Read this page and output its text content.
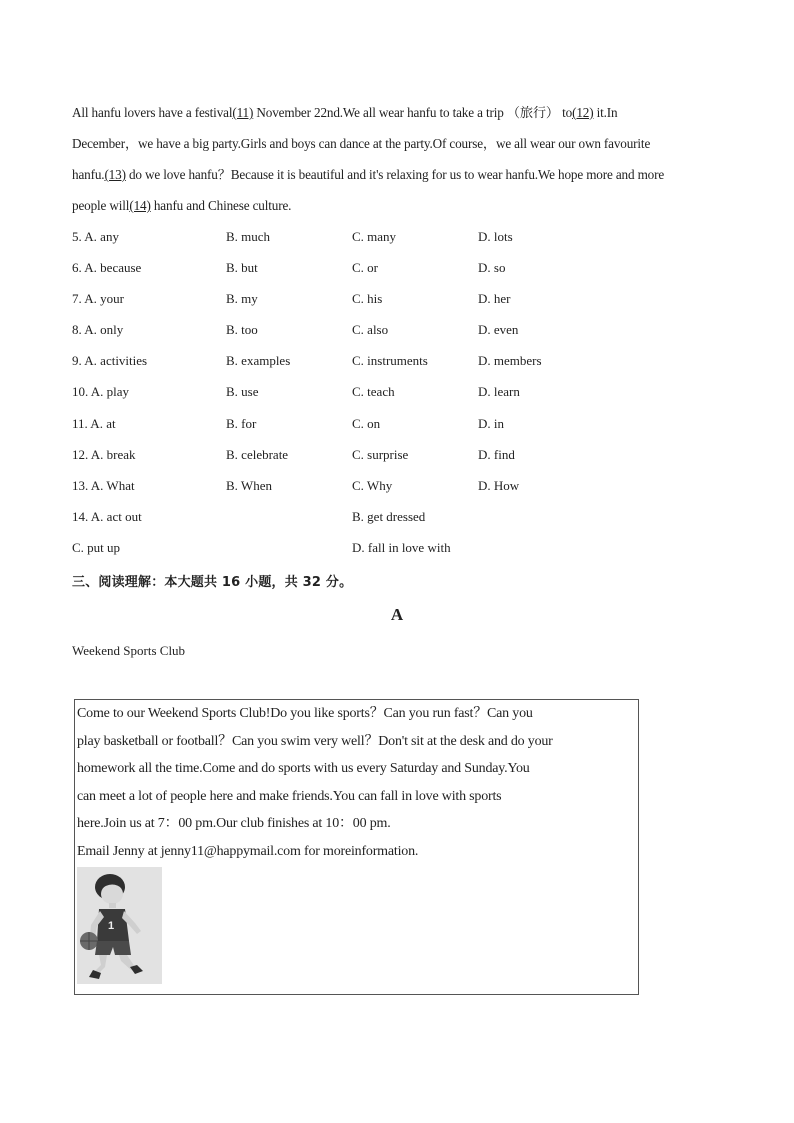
All hanfu lovers have a festival(11) November 22nd.We all wear hanfu to take a trip （旅行） to(12) it.In
December，we have a big party.Girls and boys can dance at the party.Of course，we all wear our own favourite
hanfu.(13) do we love hanfu？Because it is beautiful and it's relaxing for us to wear hanfu.We hope more and more
people will(14) hanfu and Chinese culture.
5. A. any	B. much	C. many	D. lots
6. A. because	B. but	C. or	D. so
7. A. your	B. my	C. his	D. her
8. A. only	B. too	C. also	D. even
9. A. activities	B. examples	C. instruments	D. members
10. A. play	B. use	C. teach	D. learn
11. A. at	B. for	C. on	D. in
12. A. break	B. celebrate	C. surprise	D. find
13. A. What	B. When	C. Why	D. How
14. A. act out	B. get dressed
C. put up	D. fall in love with
三、阅读理解：本大题共 16 小题，共 32 分。
A
Weekend Sports Club
Come to our Weekend Sports Club!Do you like sports？Can you run fast？Can you
play basketball or football？Can you swim very well？Don't sit at the desk and do your
homework all the time.Come and do sports with us every Saturday and Sunday.You
can meet a lot of people here and make friends.You can fall in love with sports
here.Join us at 7：00 pm.Our club finishes at 10：00 pm.
Email Jenny at jenny11@happymail.com for moreinformation.
1
